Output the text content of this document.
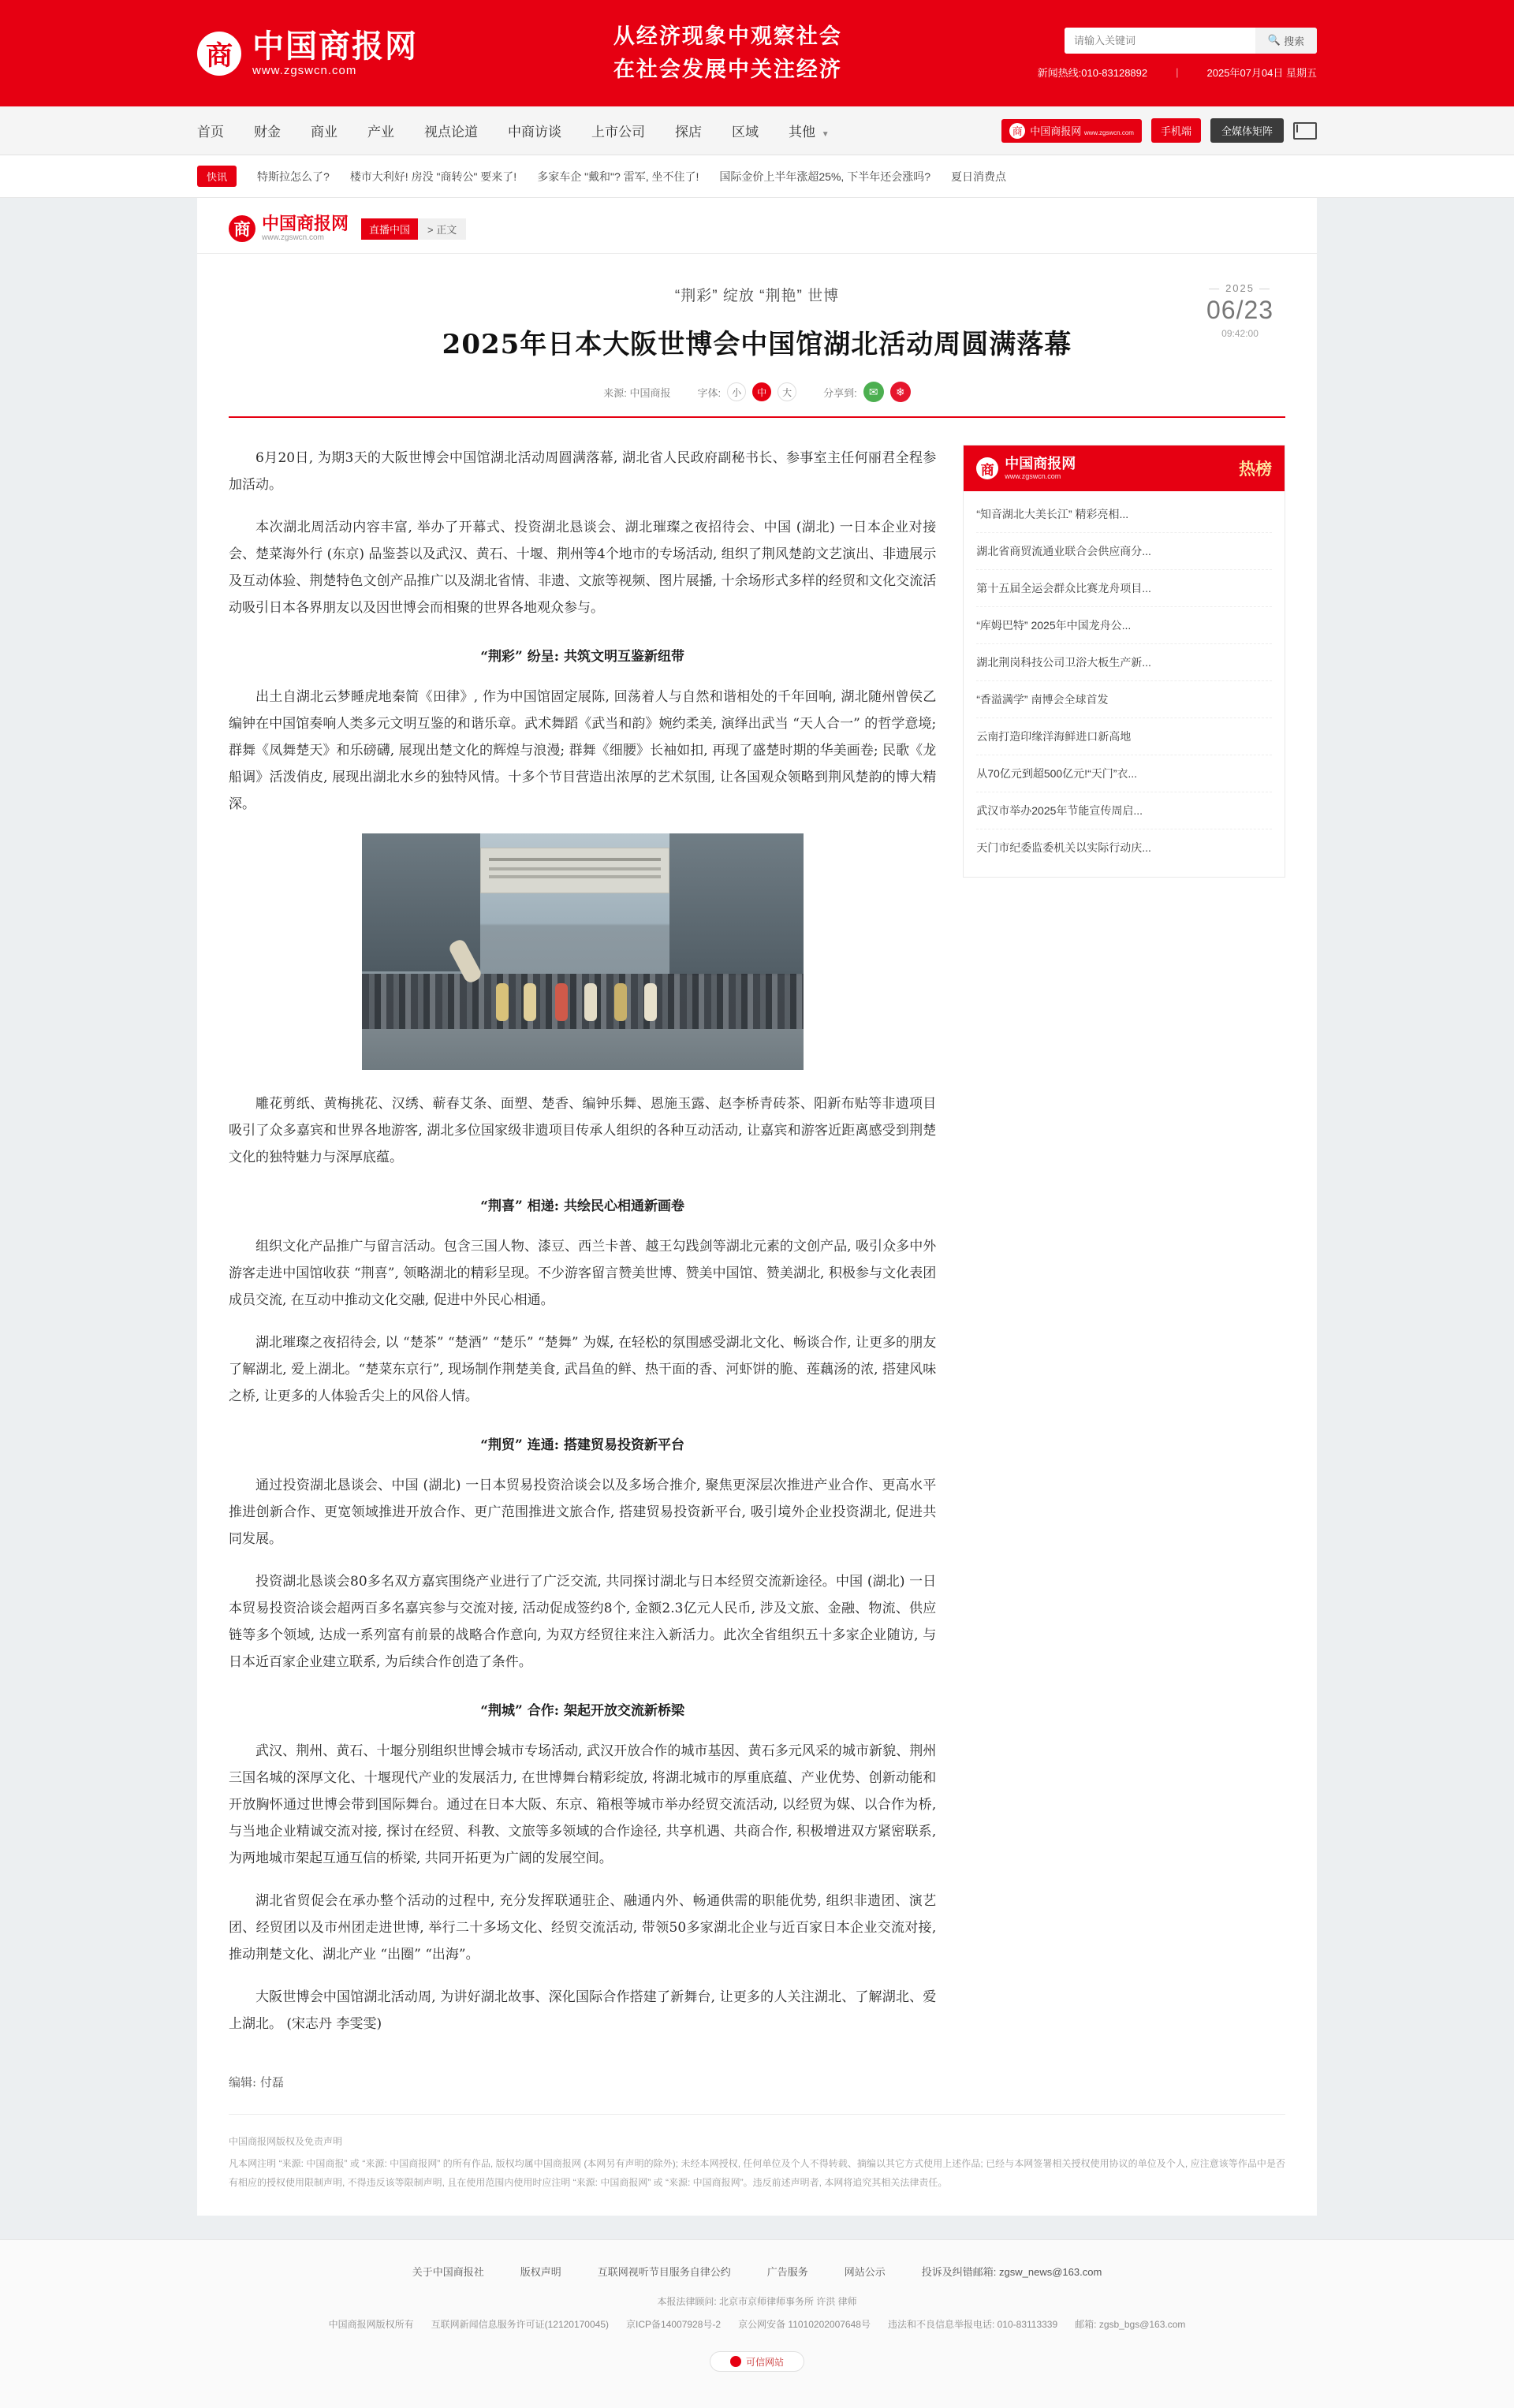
商 中国商报网
www.zgswcn.com
从经济现象中观察社会
在社会发展中关注经济
请输入关键词
🔍 搜索
新闻热线:010-83128892	|	2025年07月04日 星期五
首页 财金 商业 产业 视点论道 中商访谈 上市公司 探店 区域 其他 ▼	商 中国商报网 www.zgswcn.com	手机端	全媒体矩阵
快讯	特斯拉怎么了? 楼市大利好! 房没 "商转公" 要来了! 多家车企 "戴和"? 雷军, 坐不住了! 国际金价上半年涨超25%, 下半年还会涨吗? 夏日消费点
商 中国商报网
www.zgswcn.com
直播中国	> 正文
— 2025 —
06/23
09:42:00
“荆彩” 绽放 “荆艳” 世博
2025年日本大阪世博会中国馆湖北活动周圆满落幕
来源: 中国商报	字体:	小	中	大	分享到:	✉	❄

6月20日, 为期3天的大阪世博会中国馆湖北活动周圆满落幕, 湖北省人民政府副秘书长、参事室主任何丽君全程参加活动。

本次湖北周活动内容丰富, 举办了开幕式、投资湖北恳谈会、湖北璀璨之夜招待会、中国 (湖北) 一日本企业对接会、楚菜海外行 (东京) 品鉴荟以及武汉、黄石、十堰、荆州等4个地市的专场活动, 组织了荆风楚韵文艺演出、非遗展示及互动体验、荆楚特色文创产品推广以及湖北省情、非遗、文旅等视频、图片展播, 十余场形式多样的经贸和文化交流活动吸引日本各界朋友以及因世博会而相聚的世界各地观众参与。

“荆彩” 纷呈: 共筑文明互鉴新纽带

出土自湖北云梦睡虎地秦简《田律》, 作为中国馆固定展陈, 回荡着人与自然和谐相处的千年回响, 湖北随州曾侯乙编钟在中国馆奏响人类多元文明互鉴的和谐乐章。武术舞蹈《武当和韵》婉约柔美, 演绎出武当 “天人合一” 的哲学意境; 群舞《凤舞楚天》和乐磅礴, 展现出楚文化的辉煌与浪漫; 群舞《细腰》长袖如扣, 再现了盛楚时期的华美画卷; 民歌《龙船调》活泼俏皮, 展现出湖北水乡的独特风情。十多个节目营造出浓厚的艺术氛围, 让各国观众领略到荆风楚韵的博大精深。

雕花剪纸、黄梅挑花、汉绣、蕲春艾条、面塑、楚香、编钟乐舞、恩施玉露、赵李桥青砖茶、阳新布贴等非遗项目吸引了众多嘉宾和世界各地游客, 湖北多位国家级非遗项目传承人组织的各种互动活动, 让嘉宾和游客近距离感受到荆楚文化的独特魅力与深厚底蕴。

“荆喜” 相递: 共绘民心相通新画卷

组织文化产品推广与留言活动。包含三国人物、漆豆、西兰卡普、越王勾践剑等湖北元素的文创产品, 吸引众多中外游客走进中国馆收获 “荆喜”, 领略湖北的精彩呈现。不少游客留言赞美世博、赞美中国馆、赞美湖北, 积极参与文化表团成员交流, 在互动中推动文化交融, 促进中外民心相通。

湖北璀璨之夜招待会, 以 “楚茶” “楚酒” “楚乐” “楚舞” 为媒, 在轻松的氛围感受湖北文化、畅谈合作, 让更多的朋友了解湖北, 爱上湖北。“楚菜东京行”, 现场制作荆楚美食, 武昌鱼的鲜、热干面的香、河虾饼的脆、莲藕汤的浓, 搭建风味之桥, 让更多的人体验舌尖上的风俗人情。

“荆贸” 连通: 搭建贸易投资新平台

通过投资湖北恳谈会、中国 (湖北) 一日本贸易投资洽谈会以及多场合推介, 聚焦更深层次推进产业合作、更高水平推进创新合作、更宽领域推进开放合作、更广范围推进文旅合作, 搭建贸易投资新平台, 吸引境外企业投资湖北, 促进共同发展。

投资湖北恳谈会80多名双方嘉宾围绕产业进行了广泛交流, 共同探讨湖北与日本经贸交流新途径。中国 (湖北) 一日本贸易投资洽谈会超两百多名嘉宾参与交流对接, 活动促成签约8个, 金额2.3亿元人民币, 涉及文旅、金融、物流、供应链等多个领域, 达成一系列富有前景的战略合作意向, 为双方经贸往来注入新活力。此次全省组织五十多家企业随访, 与日本近百家企业建立联系, 为后续合作创造了条件。

“荆城” 合作: 架起开放交流新桥梁

武汉、荆州、黄石、十堰分别组织世博会城市专场活动, 武汉开放合作的城市基因、黄石多元风采的城市新貌、荆州三国名城的深厚文化、十堰现代产业的发展活力, 在世博舞台精彩绽放, 将湖北城市的厚重底蕴、产业优势、创新动能和开放胸怀通过世博会带到国际舞台。通过在日本大阪、东京、箱根等城市举办经贸交流活动, 以经贸为媒、以合作为桥, 与当地企业精诚交流对接, 探讨在经贸、科教、文旅等多领域的合作途径, 共享机遇、共商合作, 积极增进双方紧密联系, 为两地城市架起互通互信的桥梁, 共同开拓更为广阔的发展空间。

湖北省贸促会在承办整个活动的过程中, 充分发挥联通驻企、融通内外、畅通供需的职能优势, 组织非遗团、演艺团、经贸团以及市州团走进世博, 举行二十多场文化、经贸交流活动, 带领50多家湖北企业与近百家日本企业交流对接, 推动荆楚文化、湖北产业 “出圈” “出海”。

大阪世博会中国馆湖北活动周, 为讲好湖北故事、深化国际合作搭建了新舞台, 让更多的人关注湖北、了解湖北、爱上湖北。 (宋志丹 李雯雯)

商 中国商报网
www.zgswcn.com	热榜
“知音湖北大美长江” 精彩亮相...
湖北省商贸流通业联合会供应商分...
第十五届全运会群众比赛龙舟项目...
“库姆巴特” 2025年中国龙舟公...
湖北荆岗科技公司卫浴大板生产新...
“香溢满学” 南博会全球首发
云南打造印缘洋海鲜进口新高地
从70亿元到超500亿元!“天门”衣...
武汉市举办2025年节能宣传周启...
天门市纪委监委机关以实际行动庆...
编辑: 付磊
中国商报网版权及免责声明
凡本网注明 “来源: 中国商报” 或 “来源: 中国商报网” 的所有作品, 版权均属中国商报网 (本网另有声明的除外); 未经本网授权, 任何单位及个人不得转载、摘编以其它方式使用上述作品; 已经与本网签署相关授权使用协议的单位及个人, 应注意该等作品中是否有相应的授权使用限制声明, 不得违反该等限制声明, 且在使用范围内使用时应注明 “来源: 中国商报网” 或 “来源: 中国商报网”。违反前述声明者, 本网将追究其相关法律责任。
关于中国商报社	版权声明	互联网视听节目服务自律公约	广告服务	网站公示	投诉及纠错邮箱: zgsw_news@163.com
本报法律顾问: 北京市京师律师事务所 许洪 律师
中国商报网版权所有 互联网新闻信息服务许可证(12120170045) 京ICP备14007928号-2 京公网安备 11010202007648号 违法和不良信息举报电话: 010-83113339 邮箱: zgsb_bgs@163.com
可信网站
